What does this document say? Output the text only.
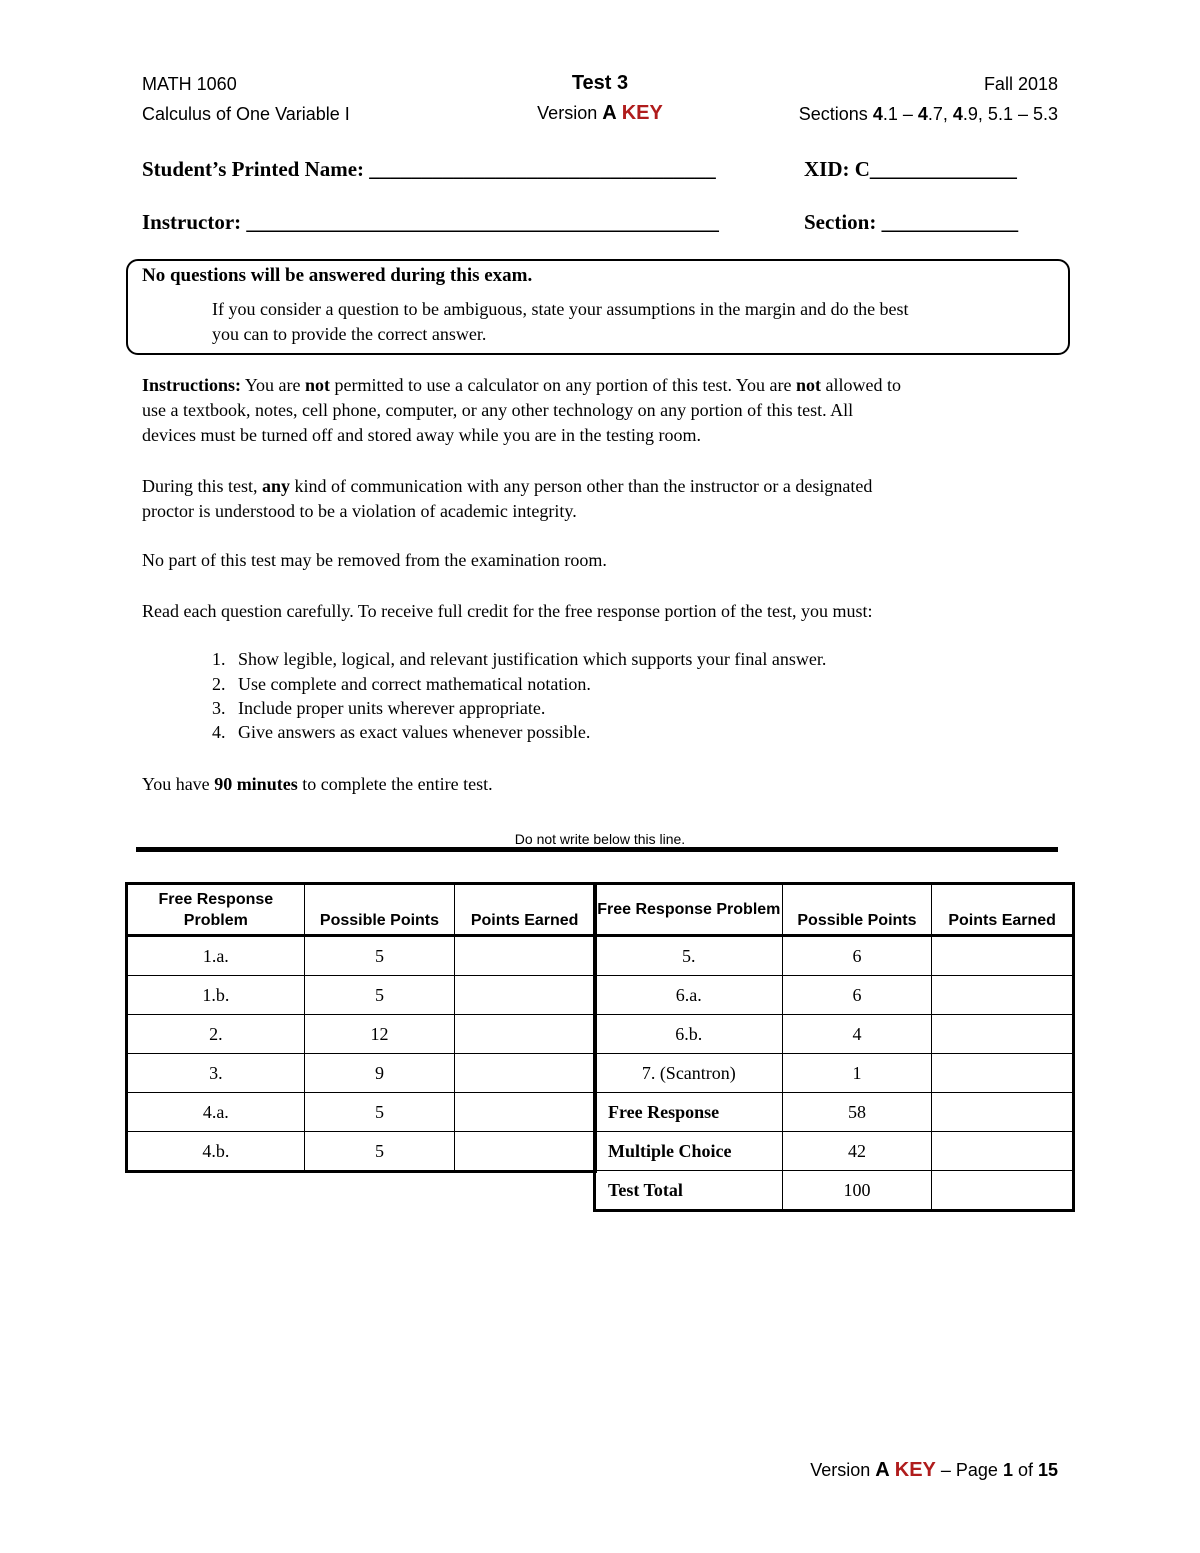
MATH 1060
Calculus of One Variable I
Test 3
Version A KEY
Fall 2018
Sections 4.1 – 4.7, 4.9, 5.1 – 5.3
Student’s Printed Name: _________________________________	XID: C______________
Instructor: _____________________________________________	Section: _____________
No questions will be answered during this exam.
If you consider a question to be ambiguous, state your assumptions in the margin and do the best
you can to provide the correct answer.
Instructions: You are not permitted to use a calculator on any portion of this test. You are not allowed to
use a textbook, notes, cell phone, computer, or any other technology on any portion of this test. All
devices must be turned off and stored away while you are in the testing room.
During this test, any kind of communication with any person other than the instructor or a designated
proctor is understood to be a violation of academic integrity.
No part of this test may be removed from the examination room.
Read each question carefully. To receive full credit for the free response portion of the test, you must:
1. Show legible, logical, and relevant justification which supports your final answer.
2. Use complete and correct mathematical notation.
3. Include proper units wherever appropriate.
4. Give answers as exact values whenever possible.
You have 90 minutes to complete the entire test.
Do not write below this line.
Free Response Problem	Possible Points	Points Earned
1.a.	5	
1.b.	5	
2.	12	
3.	9	
4.a.	5	
4.b.	5	
Free Response Problem	Possible Points	Points Earned
5.	6	
6.a.	6	
6.b.	4	
7. (Scantron)	1	
Free Response	58	
Multiple Choice	42	
Test Total	100	
Version A KEY – Page 1 of 15
